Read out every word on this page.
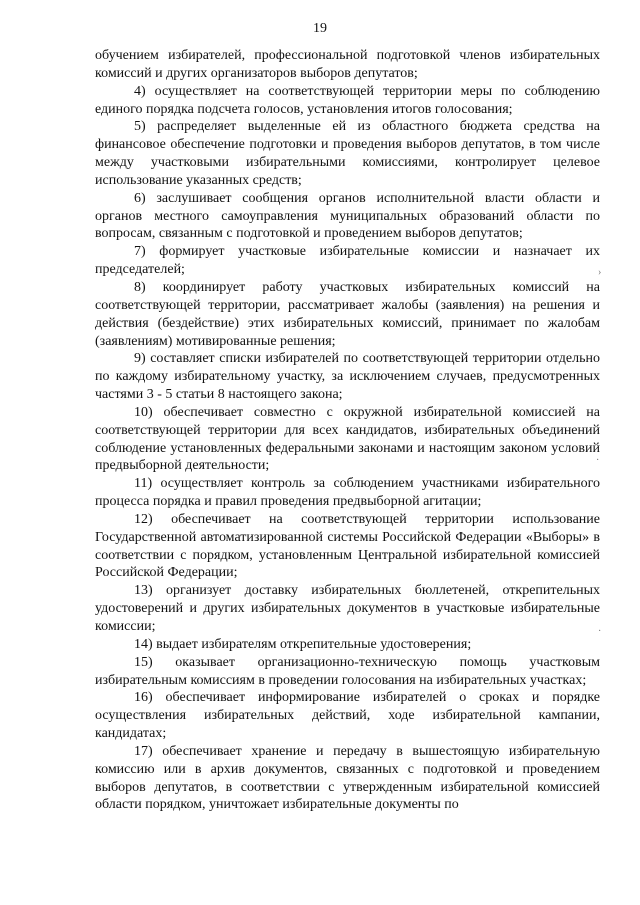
19

обучением избирателей, профессиональной подготовкой членов избирательных комиссий и других организаторов выборов депутатов;

4) осуществляет на соответствующей территории меры по соблюдению единого порядка подсчета голосов, установления итогов голосования;

5) распределяет выделенные ей из областного бюджета средства на финансовое обеспечение подготовки и проведения выборов депутатов, в том числе между участковыми избирательными комиссиями, контролирует целевое использование указанных средств;

6) заслушивает сообщения органов исполнительной власти области и органов местного самоуправления муниципальных образований области по вопросам, связанным с подготовкой и проведением выборов депутатов;

7) формирует участковые избирательные комиссии и назначает их председателей;

8) координирует работу участковых избирательных комиссий на соответствующей территории, рассматривает жалобы (заявления) на решения и действия (бездействие) этих избирательных комиссий, принимает по жалобам (заявлениям) мотивированные решения;

9) составляет списки избирателей по соответствующей территории отдельно по каждому избирательному участку, за исключением случаев, предусмотренных частями 3 - 5 статьи 8 настоящего закона;

10) обеспечивает совместно с окружной избирательной комиссией на соответствующей территории для всех кандидатов, избирательных объединений соблюдение установленных федеральными законами и настоящим законом условий предвыборной деятельности;

11) осуществляет контроль за соблюдением участниками избирательного процесса порядка и правил проведения предвыборной агитации;

12) обеспечивает на соответствующей территории использование Государственной автоматизированной системы Российской Федерации «Выборы» в соответствии с порядком, установленным Центральной избирательной комиссией Российской Федерации;

13) организует доставку избирательных бюллетеней, открепительных удостоверений и других избирательных документов в участковые избирательные комиссии;

14) выдает избирателям открепительные удостоверения;

15) оказывает организационно-техническую помощь участковым избирательным комиссиям в проведении голосования на избирательных участках;

16) обеспечивает информирование избирателей о сроках и порядке осуществления избирательных действий, ходе избирательной кампании, кандидатах;

17) обеспечивает хранение и передачу в вышестоящую избирательную комиссию или в архив документов, связанных с подготовкой и проведением выборов депутатов, в соответствии с утвержденным избирательной комиссией области порядком, уничтожает избирательные документы по

›
·
·
